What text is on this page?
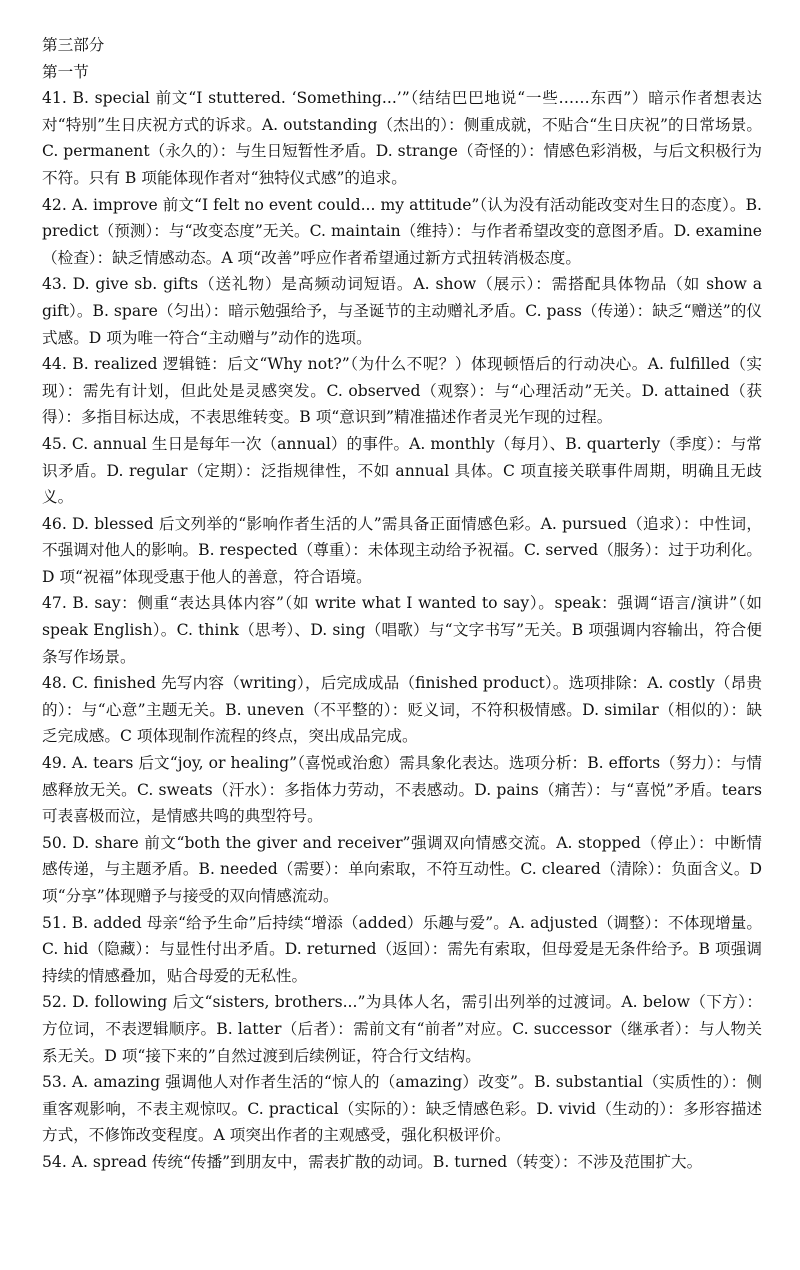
第三部分
第一节

41. B. special 前文“I stuttered. ‘Something...’”（结结巴巴地说“一些……东西”）暗示作者想表达对“特别”生日庆祝方式的诉求。A. outstanding（杰出的）：侧重成就，不贴合“生日庆祝”的日常场景。C. permanent（永久的）：与生日短暂性矛盾。D. strange（奇怪的）：情感色彩消极，与后文积极行为不符。只有 B 项能体现作者对“独特仪式感”的追求。

42. A. improve 前文“I felt no event could... my attitude”（认为没有活动能改变对生日的态度）。B. predict（预测）：与“改变态度”无关。C. maintain（维持）：与作者希望改变的意图矛盾。D. examine（检查）：缺乏情感动态。A 项“改善”呼应作者希望通过新方式扭转消极态度。

43. D. give sb. gifts（送礼物）是高频动词短语。A. show（展示）：需搭配具体物品（如 show a gift）。B. spare（匀出）：暗示勉强给予，与圣诞节的主动赠礼矛盾。C. pass（传递）：缺乏“赠送”的仪式感。D 项为唯一符合“主动赠与”动作的选项。

44. B. realized 逻辑链：后文“Why not?”（为什么不呢？）体现顿悟后的行动决心。A. fulfilled（实现）：需先有计划，但此处是灵感突发。C. observed（观察）：与“心理活动”无关。D. attained（获得）：多指目标达成，不表思维转变。B 项“意识到”精准描述作者灵光乍现的过程。

45. C. annual 生日是每年一次（annual）的事件。A. monthly（每月）、B. quarterly（季度）：与常识矛盾。D. regular（定期）：泛指规律性，不如 annual 具体。C 项直接关联事件周期，明确且无歧义。

46. D. blessed 后文列举的“影响作者生活的人”需具备正面情感色彩。A. pursued（追求）：中性词，不强调对他人的影响。B. respected（尊重）：未体现主动给予祝福。C. served（服务）：过于功利化。D 项“祝福”体现受惠于他人的善意，符合语境。

47. B. say：侧重“表达具体内容”（如 write what I wanted to say）。speak：强调“语言/演讲”（如 speak English）。C. think（思考）、D. sing（唱歌）与“文字书写”无关。B 项强调内容输出，符合便条写作场景。

48. C. finished 先写内容（writing），后完成成品（finished product）。选项排除：A. costly（昂贵的）：与“心意”主题无关。B. uneven（不平整的）：贬义词，不符积极情感。D. similar（相似的）：缺乏完成感。C 项体现制作流程的终点，突出成品完成。

49. A. tears 后文“joy, or healing”（喜悦或治愈）需具象化表达。选项分析：B. efforts（努力）：与情感释放无关。C. sweats（汗水）：多指体力劳动，不表感动。D. pains（痛苦）：与“喜悦”矛盾。tears 可表喜极而泣，是情感共鸣的典型符号。

50. D. share 前文“both the giver and receiver”强调双向情感交流。A. stopped（停止）：中断情感传递，与主题矛盾。B. needed（需要）：单向索取，不符互动性。C. cleared（清除）：负面含义。D 项“分享”体现赠予与接受的双向情感流动。

51. B. added 母亲“给予生命”后持续“增添（added）乐趣与爱”。A. adjusted（调整）：不体现增量。C. hid（隐藏）：与显性付出矛盾。D. returned（返回）：需先有索取，但母爱是无条件给予。B 项强调持续的情感叠加，贴合母爱的无私性。

52. D. following 后文“sisters, brothers...”为具体人名，需引出列举的过渡词。A. below（下方）：方位词，不表逻辑顺序。B. latter（后者）：需前文有“前者”对应。C. successor（继承者）：与人物关系无关。D 项“接下来的”自然过渡到后续例证，符合行文结构。

53. A. amazing 强调他人对作者生活的“惊人的（amazing）改变”。B. substantial（实质性的）：侧重客观影响，不表主观惊叹。C. practical（实际的）：缺乏情感色彩。D. vivid（生动的）：多形容描述方式，不修饰改变程度。A 项突出作者的主观感受，强化积极评价。

54. A. spread 传统“传播”到朋友中，需表扩散的动词。B. turned（转变）：不涉及范围扩大。
